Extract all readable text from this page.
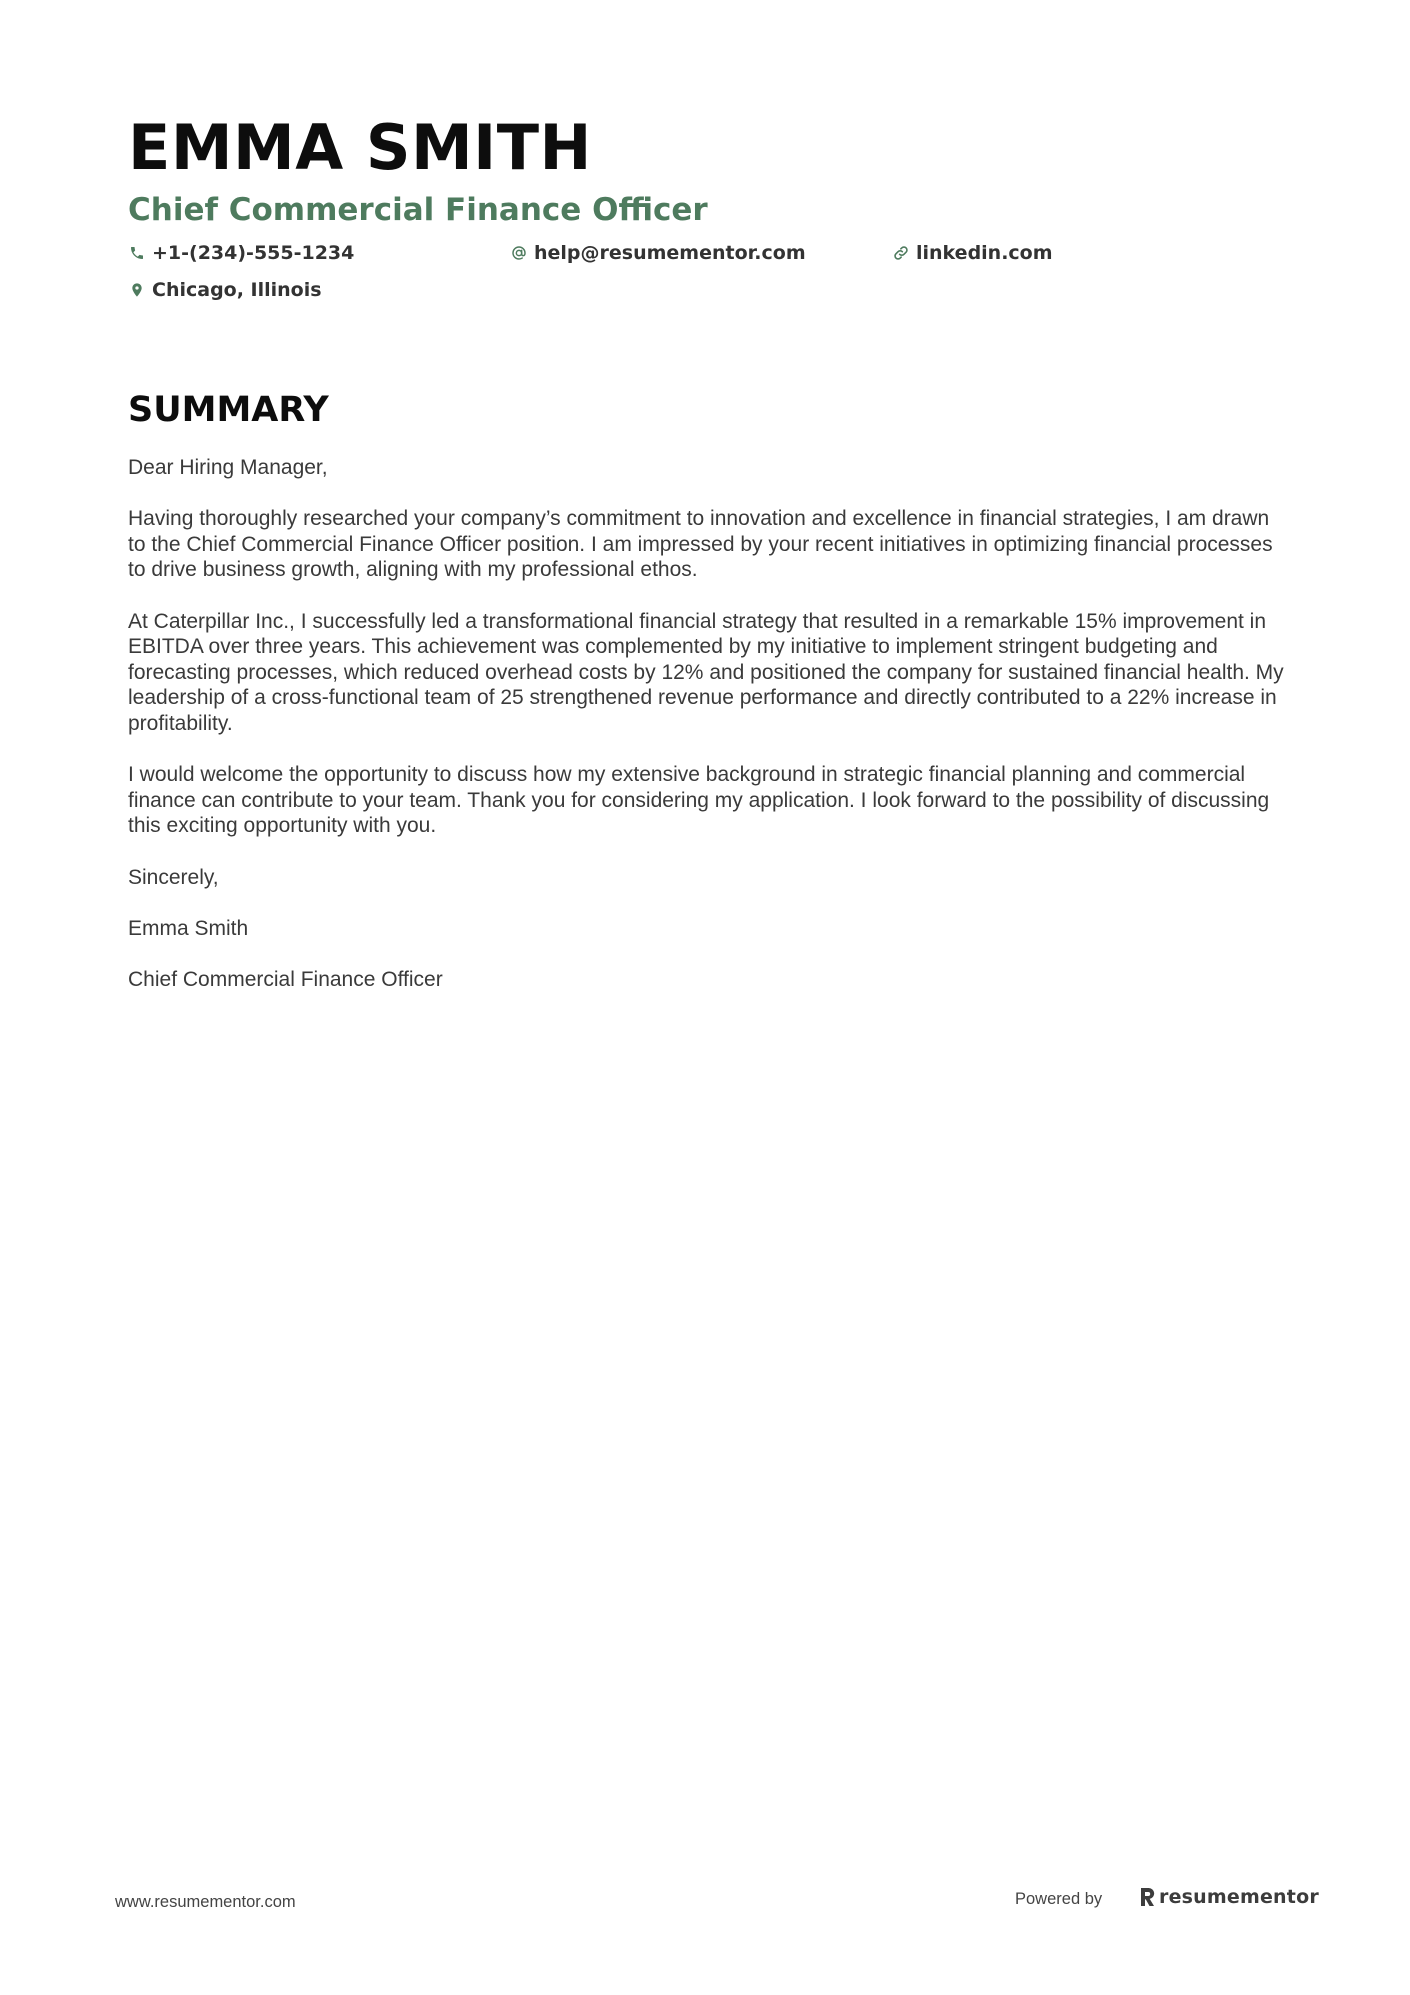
EMMA SMITH
Chief Commercial Finance Officer
+1-(234)-555-1234	help@resumementor.com	linkedin.com
Chicago, Illinois
SUMMARY

Dear Hiring Manager,

Having thoroughly researched your company’s commitment to innovation and excellence in financial strategies, I am drawn to the Chief Commercial Finance Officer position. I am impressed by your recent initiatives in optimizing financial processes to drive business growth, aligning with my professional ethos.

At Caterpillar Inc., I successfully led a transformational financial strategy that resulted in a remarkable 15% improvement in EBITDA over three years. This achievement was complemented by my initiative to implement stringent budgeting and forecasting processes, which reduced overhead costs by 12% and positioned the company for sustained financial health. My leadership of a cross-functional team of 25 strengthened revenue performance and directly contributed to a 22% increase in profitability.

I would welcome the opportunity to discuss how my extensive background in strategic financial planning and commercial finance can contribute to your team. Thank you for considering my application. I look forward to the possibility of discussing this exciting opportunity with you.

Sincerely,

Emma Smith

Chief Commercial Finance Officer

www.resumementor.com	Powered by	resumementor
